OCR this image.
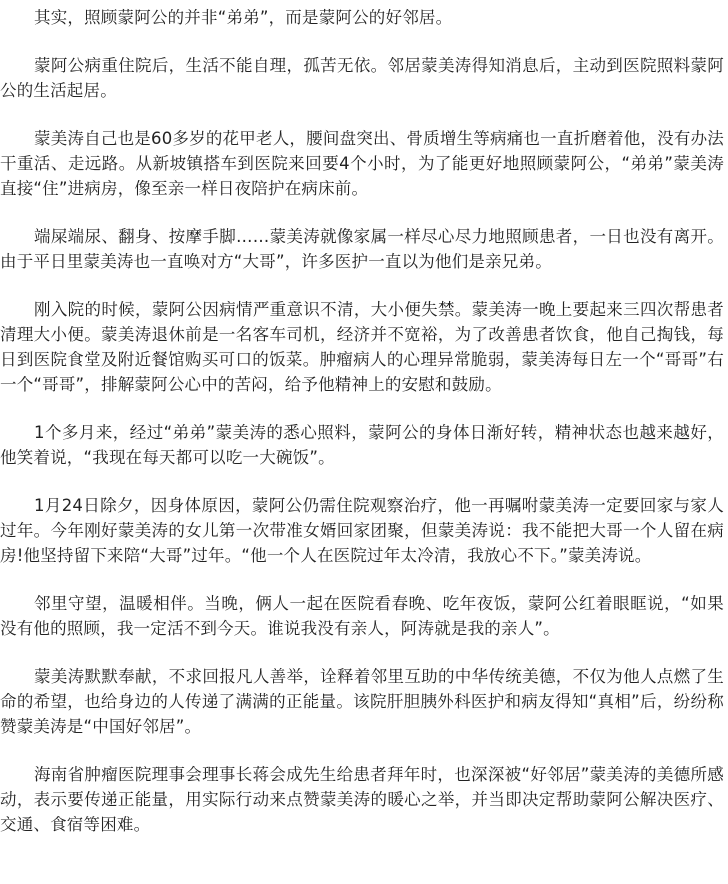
其实，照顾蒙阿公的并非“弟弟”，而是蒙阿公的好邻居。

蒙阿公病重住院后，生活不能自理，孤苦无依。邻居蒙美涛得知消息后，主动到医院照料蒙阿公的生活起居。

蒙美涛自己也是60多岁的花甲老人，腰间盘突出、骨质增生等病痛也一直折磨着他，没有办法干重活、走远路。从新坡镇搭车到医院来回要4个小时，为了能更好地照顾蒙阿公，“弟弟”蒙美涛直接“住”进病房，像至亲一样日夜陪护在病床前。

端屎端尿、翻身、按摩手脚……蒙美涛就像家属一样尽心尽力地照顾患者，一日也没有离开。由于平日里蒙美涛也一直唤对方“大哥”，许多医护一直以为他们是亲兄弟。

刚入院的时候，蒙阿公因病情严重意识不清，大小便失禁。蒙美涛一晚上要起来三四次帮患者清理大小便。蒙美涛退休前是一名客车司机，经济并不宽裕，为了改善患者饮食，他自己掏钱，每日到医院食堂及附近餐馆购买可口的饭菜。肿瘤病人的心理异常脆弱，蒙美涛每日左一个“哥哥”右一个“哥哥”，排解蒙阿公心中的苦闷，给予他精神上的安慰和鼓励。

1个多月来，经过“弟弟”蒙美涛的悉心照料，蒙阿公的身体日渐好转，精神状态也越来越好，他笑着说，“我现在每天都可以吃一大碗饭”。

1月24日除夕，因身体原因，蒙阿公仍需住院观察治疗，他一再嘱咐蒙美涛一定要回家与家人过年。今年刚好蒙美涛的女儿第一次带准女婿回家团聚，但蒙美涛说：我不能把大哥一个人留在病房!他坚持留下来陪“大哥”过年。“他一个人在医院过年太冷清，我放心不下。”蒙美涛说。

邻里守望，温暖相伴。当晚，俩人一起在医院看春晚、吃年夜饭，蒙阿公红着眼眶说，“如果没有他的照顾，我一定活不到今天。谁说我没有亲人，阿涛就是我的亲人”。

蒙美涛默默奉献，不求回报凡人善举，诠释着邻里互助的中华传统美德，不仅为他人点燃了生命的希望，也给身边的人传递了满满的正能量。该院肝胆胰外科医护和病友得知“真相”后，纷纷称赞蒙美涛是“中国好邻居”。

海南省肿瘤医院理事会理事长蒋会成先生给患者拜年时，也深深被“好邻居”蒙美涛的美德所感动，表示要传递正能量，用实际行动来点赞蒙美涛的暖心之举，并当即决定帮助蒙阿公解决医疗、交通、食宿等困难。
